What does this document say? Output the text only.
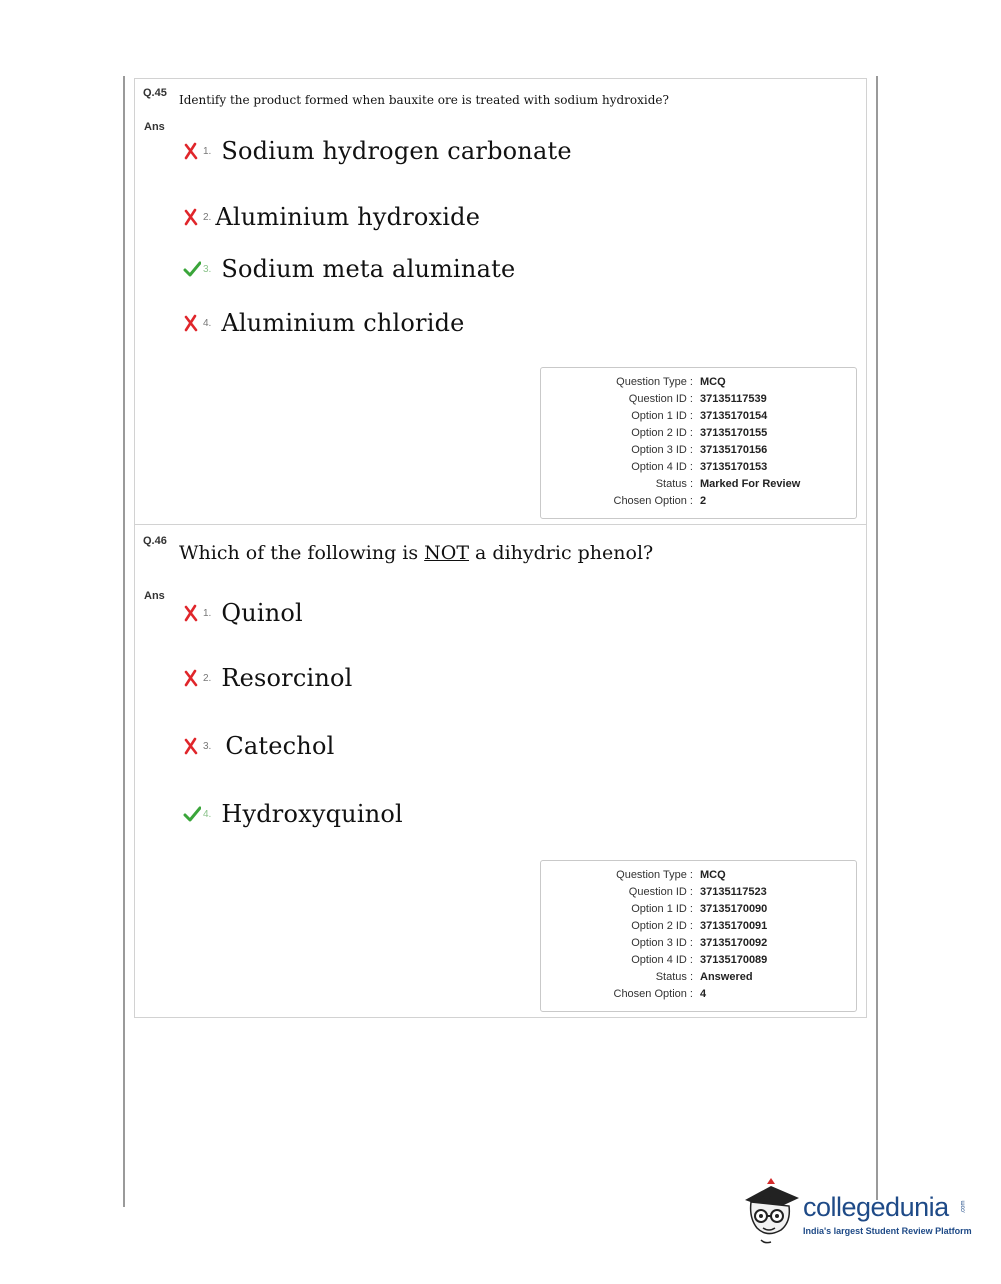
Q.45 Identify the product formed when bauxite ore is treated with sodium hydroxide?
Ans
1. Sodium hydrogen carbonate
2. Aluminium hydroxide
3. Sodium meta aluminate
4. Aluminium chloride
Question Type : MCQ
Question ID : 37135117539
Option 1 ID : 37135170154
Option 2 ID : 37135170155
Option 3 ID : 37135170156
Option 4 ID : 37135170153
Status : Marked For Review
Chosen Option : 2
Q.46
Which of the following is NOT a dihydric phenol?
Ans
1. Quinol
2. Resorcinol
3. Catechol
4. Hydroxyquinol
Question Type : MCQ
Question ID : 37135117523
Option 1 ID : 37135170090
Option 2 ID : 37135170091
Option 3 ID : 37135170092
Option 4 ID : 37135170089
Status : Answered
Chosen Option : 4
collegedunia .com
India's largest Student Review Platform
